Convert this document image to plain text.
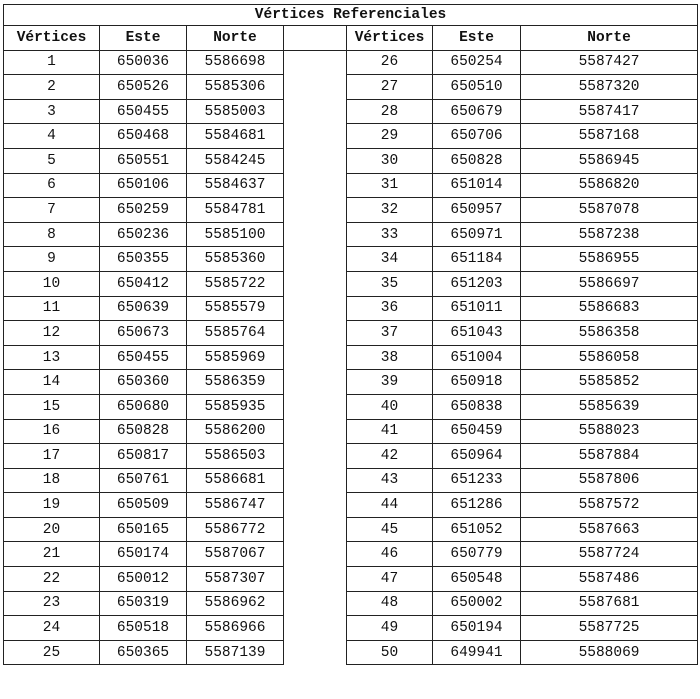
Vértices Referenciales						
Vértices	Este	Norte		Vértices	Este	Norte
1	650036	5586698		26	650254	5587427
2	650526	5585306		27	650510	5587320
3	650455	5585003		28	650679	5587417
4	650468	5584681		29	650706	5587168
5	650551	5584245		30	650828	5586945
6	650106	5584637		31	651014	5586820
7	650259	5584781		32	650957	5587078
8	650236	5585100		33	650971	5587238
9	650355	5585360		34	651184	5586955
10	650412	5585722		35	651203	5586697
11	650639	5585579		36	651011	5586683
12	650673	5585764		37	651043	5586358
13	650455	5585969		38	651004	5586058
14	650360	5586359		39	650918	5585852
15	650680	5585935		40	650838	5585639
16	650828	5586200		41	650459	5588023
17	650817	5586503		42	650964	5587884
18	650761	5586681		43	651233	5587806
19	650509	5586747		44	651286	5587572
20	650165	5586772		45	651052	5587663
21	650174	5587067		46	650779	5587724
22	650012	5587307		47	650548	5587486
23	650319	5586962		48	650002	5587681
24	650518	5586966		49	650194	5587725
25	650365	5587139		50	649941	5588069
